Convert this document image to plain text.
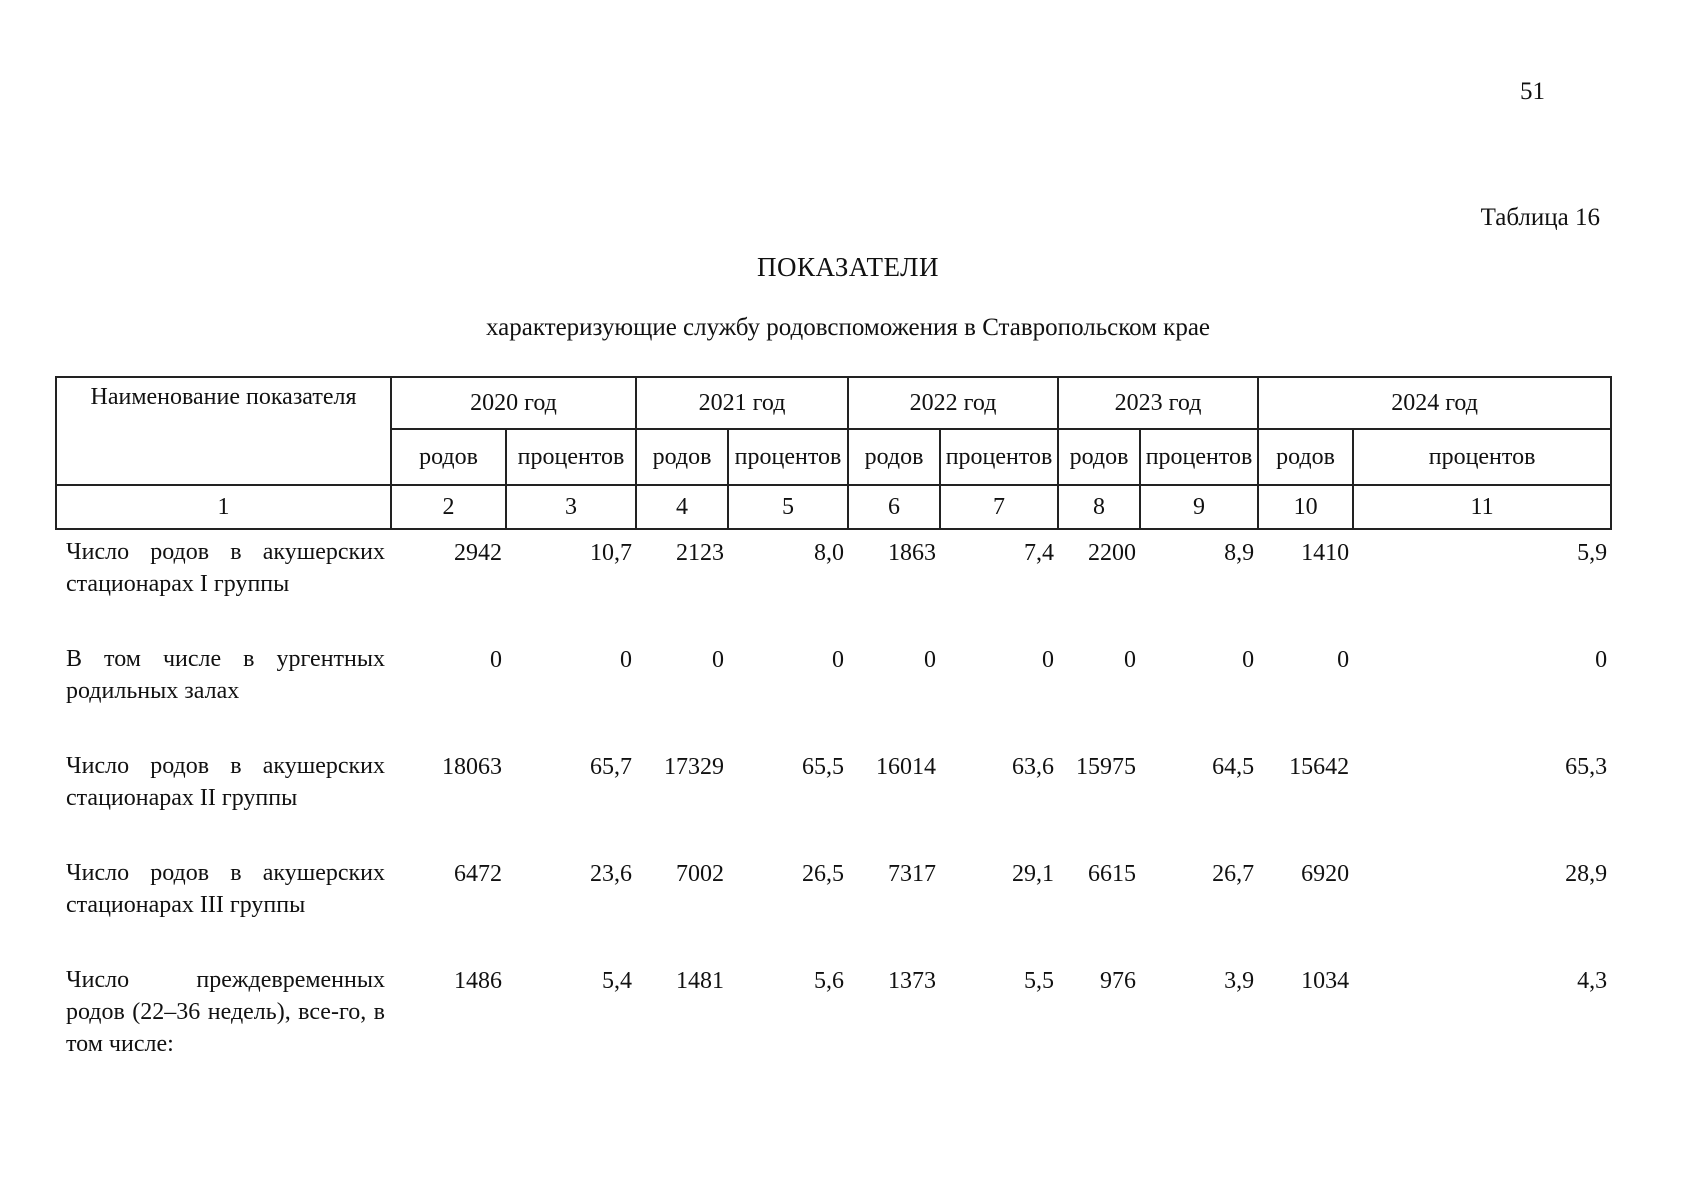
51
Таблица 16
ПОКАЗАТЕЛИ
характеризующие службу родовспоможения в Ставропольском крае
Наименование показателя	2020 год		2021 год		2022 год		2023 год		2024 год	
	родов	процентов	родов	процентов	родов	процентов	родов	процентов	родов	процентов
1	2	3	4	5	6	7	8	9	10	11
Число родов в акушерских стационарах I группы	2942	10,7	2123	8,0	1863	7,4	2200	8,9	1410	5,9
В том числе в ургентных родильных залах	0	0	0	0	0	0	0	0	0	0
Число родов в акушерских стационарах II группы	18063	65,7	17329	65,5	16014	63,6	15975	64,5	15642	65,3
Число родов в акушерских стационарах III группы	6472	23,6	7002	26,5	7317	29,1	6615	26,7	6920	28,9
Число преждевременных родов (22–36 недель), все-го, в том числе:	1486	5,4	1481	5,6	1373	5,5	976	3,9	1034	4,3
